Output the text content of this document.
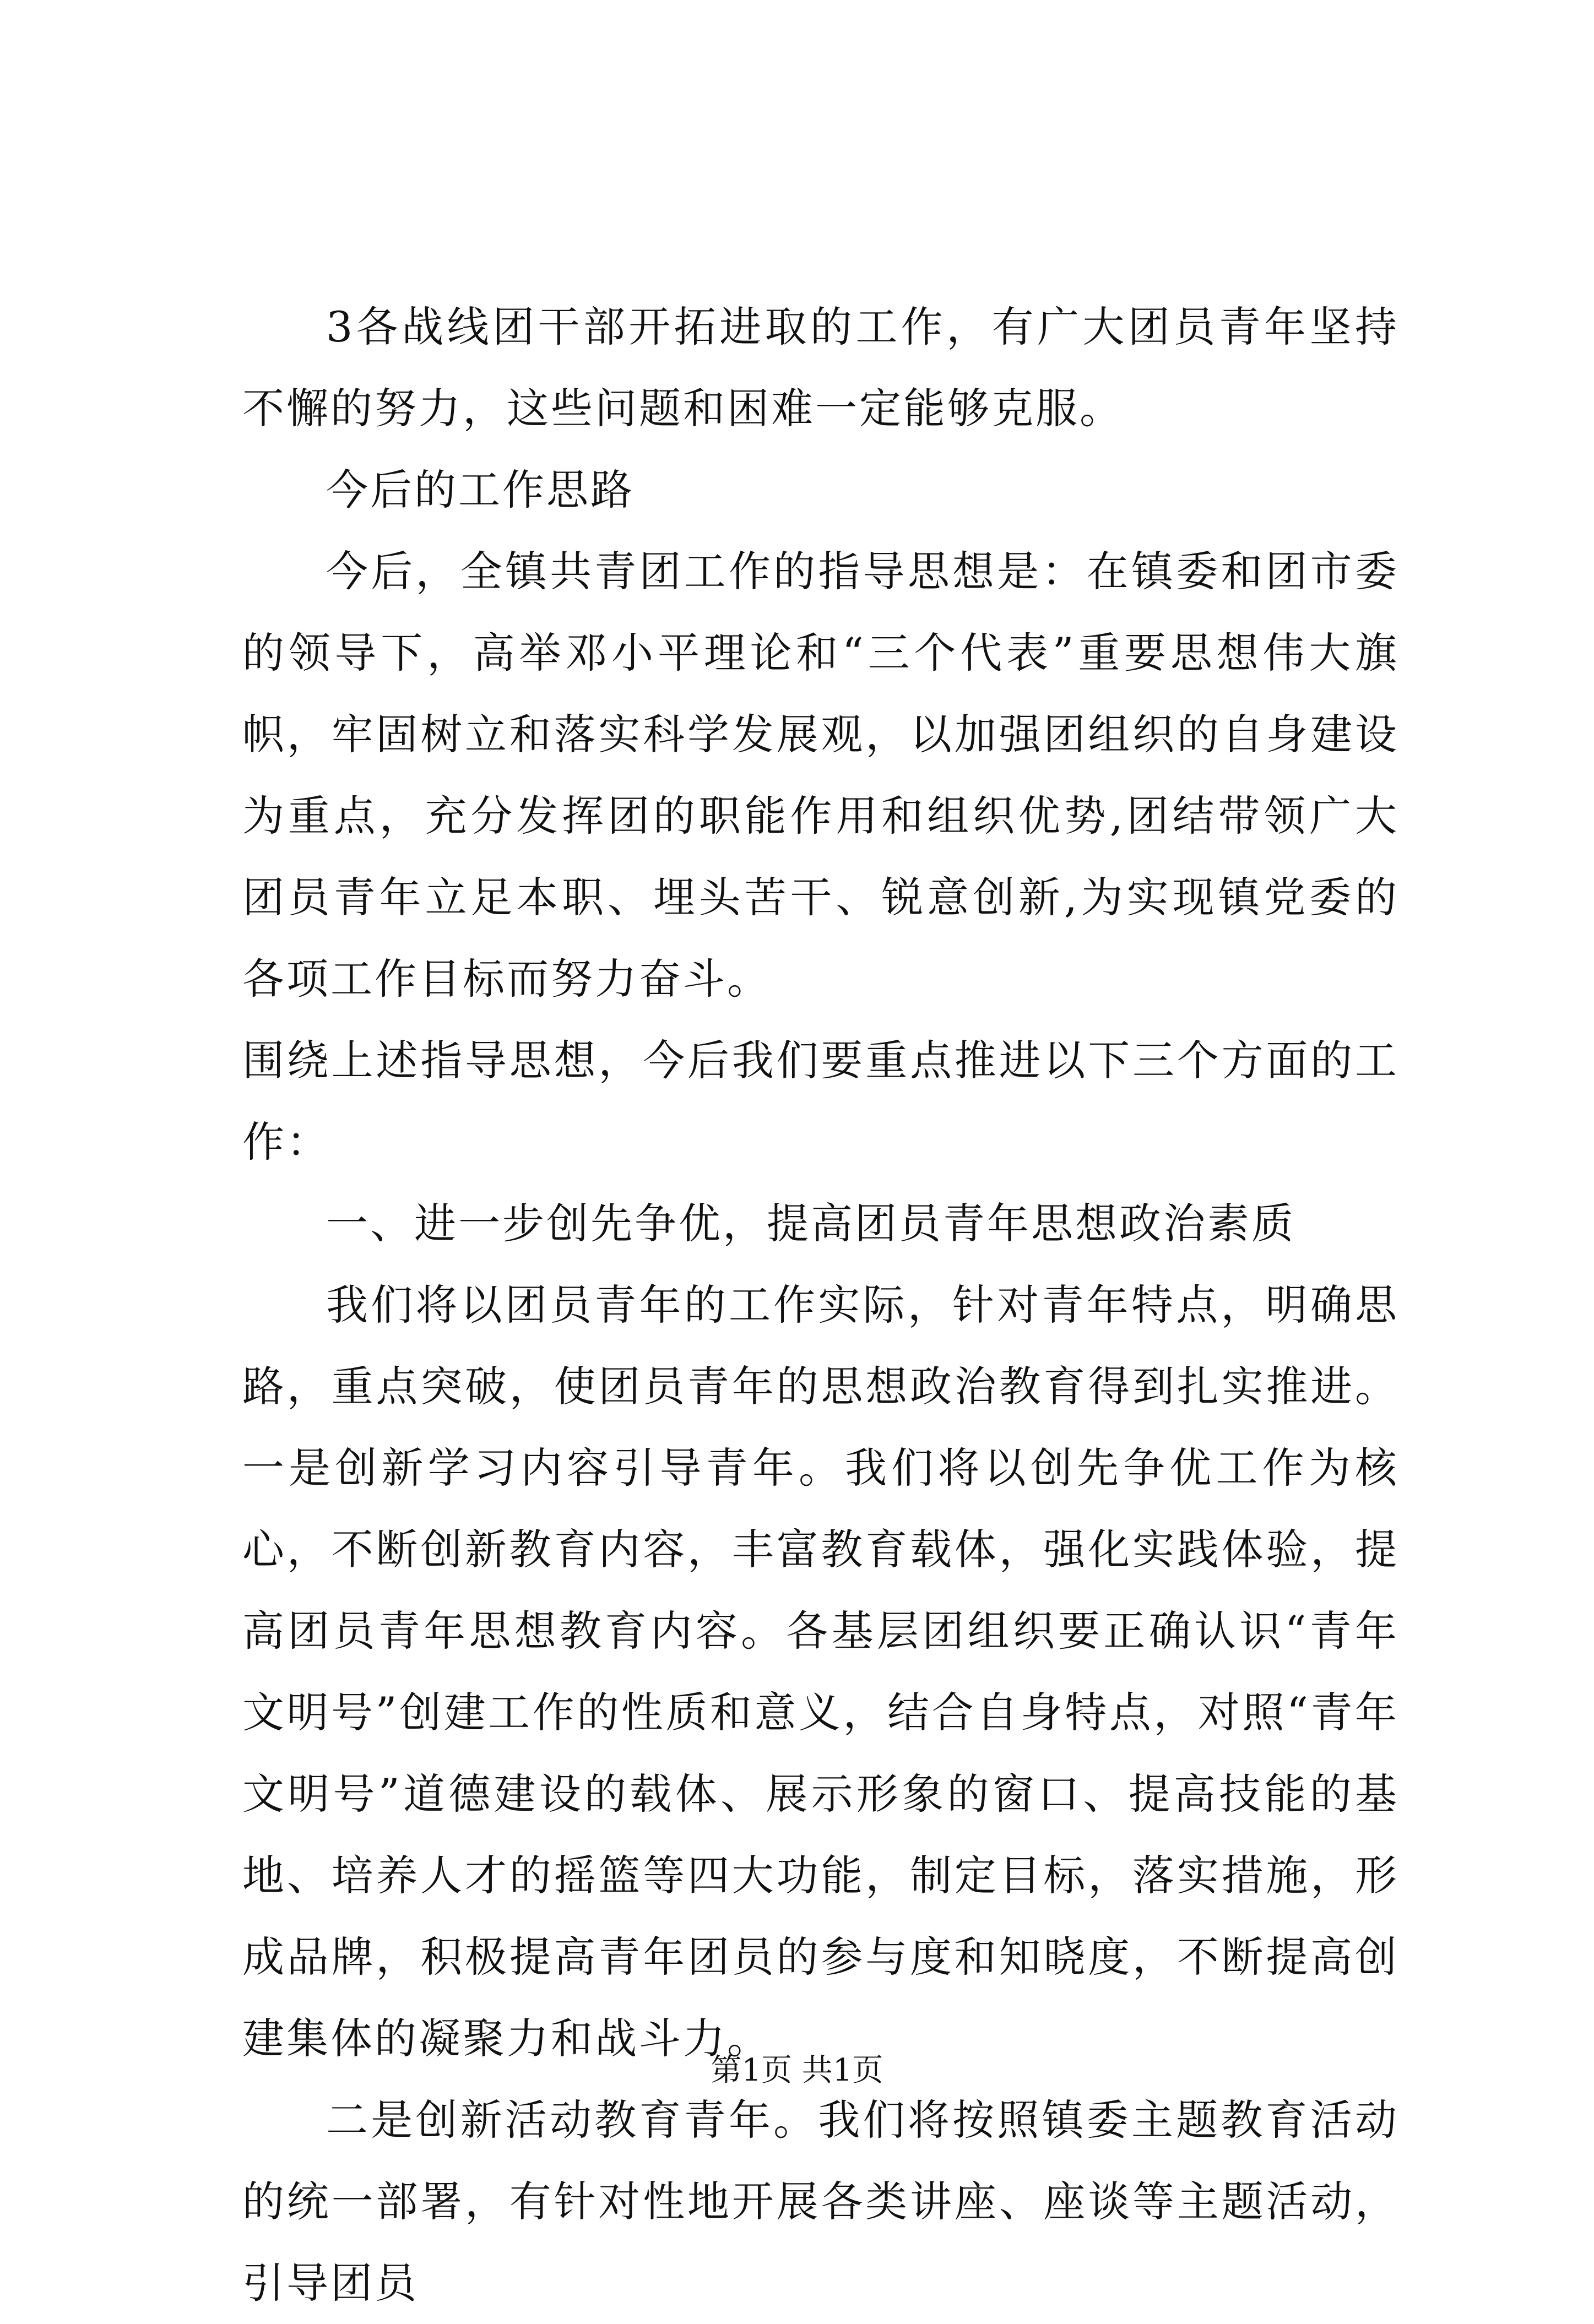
3各战线团干部开拓进取的工作，有广大团员青年坚持不懈的努力，这些问题和困难一定能够克服。

今后的工作思路

今后，全镇共青团工作的指导思想是：在镇委和团市委的领导下，高举邓小平理论和“三个代表”重要思想伟大旗帜，牢固树立和落实科学发展观，以加强团组织的自身建设为重点，充分发挥团的职能作用和组织优势,团结带领广大团员青年立足本职、埋头苦干、锐意创新,为实现镇党委的各项工作目标而努力奋斗。

围绕上述指导思想，今后我们要重点推进以下三个方面的工作：

一、进一步创先争优，提高团员青年思想政治素质

我们将以团员青年的工作实际，针对青年特点，明确思路，重点突破，使团员青年的思想政治教育得到扎实推进。一是创新学习内容引导青年。我们将以创先争优工作为核心，不断创新教育内容，丰富教育载体，强化实践体验，提高团员青年思想教育内容。各基层团组织要正确认识“青年文明号”创建工作的性质和意义，结合自身特点，对照“青年文明号”道德建设的载体、展示形象的窗口、提高技能的基地、培养人才的摇篮等四大功能，制定目标，落实措施，形成品牌，积极提高青年团员的参与度和知晓度，不断提高创建集体的凝聚力和战斗力。

二是创新活动教育青年。我们将按照镇委主题教育活动的统一部署，有针对性地开展各类讲座、座谈等主题活动，引导团员

第1页 共1页
